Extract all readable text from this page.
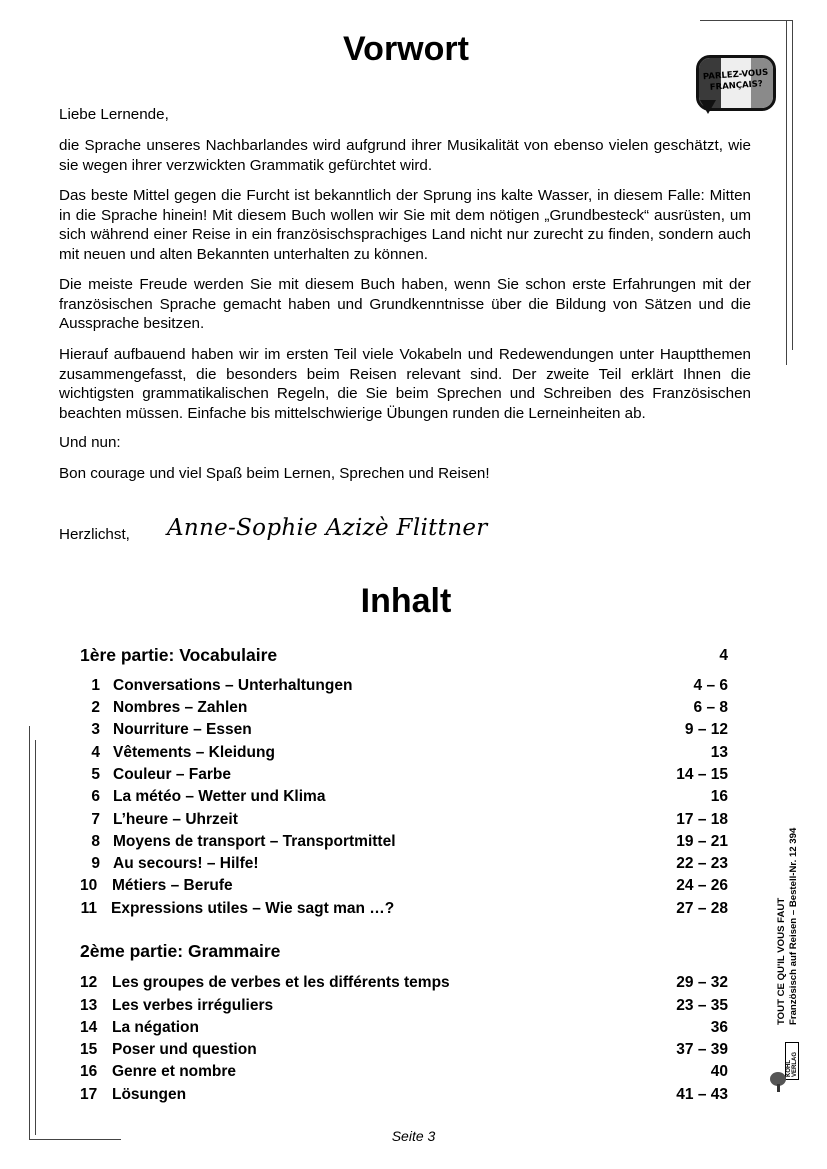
Vorwort
PARLEZ-VOUS
FRANÇAIS?

Liebe Lernende,

die Sprache unseres Nachbarlandes wird aufgrund ihrer Musikalität von ebenso vielen geschätzt, wie sie wegen ihrer verzwickten Grammatik gefürchtet wird.

Das beste Mittel gegen die Furcht ist bekanntlich der Sprung ins kalte Wasser, in diesem Falle: Mitten in die Sprache hinein! Mit diesem Buch wollen wir Sie mit dem nötigen „Grundbesteck“ ausrüsten, um sich während einer Reise in ein französischsprachiges Land nicht nur zurecht zu finden, sondern auch mit neuen und alten Bekannten unterhalten zu können.

Die meiste Freude werden Sie mit diesem Buch haben, wenn Sie schon erste Erfahrungen mit der französischen Sprache gemacht haben und Grundkenntnisse über die Bildung von Sätzen und die Aussprache besitzen.

Hierauf aufbauend haben wir im ersten Teil viele Vokabeln und Redewendungen unter Hauptthemen zusammengefasst, die besonders beim Reisen relevant sind. Der zweite Teil erklärt Ihnen die wichtigsten grammatikalischen Regeln, die Sie beim Sprechen und Schreiben des Französischen beachten müssen. Einfache bis mittelschwierige Übungen runden die Lerneinheiten ab.

Und nun:

Bon courage und viel Spaß beim Lernen, Sprechen und Reisen!

Herzlichst, Anne-Sophie Azizè Flittner
Inhalt
1ère partie: Vocabulaire	4
1 Conversations – Unterhaltungen	4 – 6
2 Nombres – Zahlen	6 – 8
3 Nourriture – Essen	9 – 12
4 Vêtements – Kleidung	13
5 Couleur – Farbe	14 – 15
6 La météo – Wetter und Klima	16
7 L’heure – Uhrzeit	17 – 18
8 Moyens de transport – Transportmittel	19 – 21
9 Au secours! – Hilfe!	22 – 23
10 Métiers – Berufe	24 – 26
11 Expressions utiles – Wie sagt man …?	27 – 28
2ème partie: Grammaire
12 Les groupes de verbes et les différents temps	29 – 32
13 Les verbes irréguliers	23 – 35
14 La négation	36
15 Poser und question	37 – 39
16 Genre et nombre	40
17 Lösungen	41 – 43
TOUT CE QU'IL VOUS FAUT Französisch auf Reisen – Bestell-Nr. 12 394
KOHL VERLAG
Seite 3
